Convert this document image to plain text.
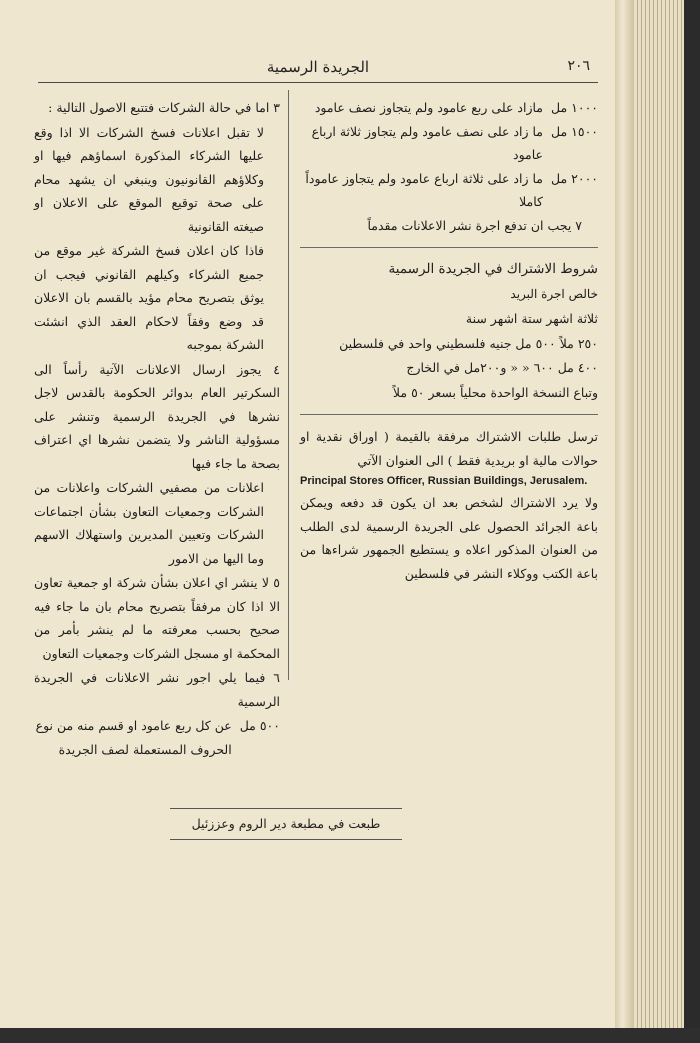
الجريدة الرسمية	٢٠٦
١٠٠٠ مل
مازاد على ربع عامود ولم يتجاوز نصف عامود
١٥٠٠ مل
ما زاد على نصف عامود ولم يتجاوز ثلاثة ارباع عامود
٢٠٠٠ مل
ما زاد على ثلاثة ارباع عامود ولم يتجاوز عاموداً كاملا

٧ يجب ان تدفع اجرة نشر الاعلانات مقدماً

شروط الاشتراك في الجريدة الرسمية

خالص اجرة البريد

ثلاثة اشهر ستة اشهر سنة

٢٥٠ ملاً ٥٠٠ مل جنيه فلسطيني واحد في فلسطين

٤٠٠ مل ٦٠٠ « « و٢٠٠مل في الخارج

وتباع النسخة الواحدة محلياً بسعر ٥٠ ملاً

ترسل طلبات الاشتراك مرفقة بالقيمة ( اوراق نقدية او حوالات مالية او بريدية فقط ) الى العنوان الآتي

Principal Stores Officer, Russian Buildings, Jerusalem.

ولا يرد الاشتراك لشخص بعد ان يكون قد دفعه ويمكن باعة الجرائد الحصول على الجريدة الرسمية لدى الطلب من العنوان المذكور اعلاه و يستطيع الجمهور شراءها من باعة الكتب ووكلاء النشر في فلسطين

٣ اما في حالة الشركات فتتبع الاصول التالية :

لا تقبل اعلانات فسخ الشركات الا اذا وقع عليها الشركاء المذكورة اسماؤهم فيها او وكلاؤهم القانونيون وينبغي ان يشهد محام على صحة توقيع الموقع على الاعلان او صيغته القانونية

فاذا كان اعلان فسخ الشركة غير موقع من جميع الشركاء وكيلهم القانوني فيجب ان يوثق بتصريح محام مؤيد بالقسم بان الاعلان قد وضع وفقاً لاحكام العقد الذي انشئت الشركة بموجبه

٤ يجوز ارسال الاعلانات الآتية رأساً الى السكرتير العام بدوائر الحكومة بالقدس لاجل نشرها في الجريدة الرسمية وتنشر على مسؤولية الناشر ولا يتضمن نشرها اي اعتراف بصحة ما جاء فيها

اعلانات من مصفيي الشركات واعلانات من الشركات وجمعيات التعاون بشأن اجتماعات الشركات وتعيين المديرين واستهلاك الاسهم وما اليها من الامور

٥ لا ينشر اي اعلان بشأن شركة او جمعية تعاون الا اذا كان مرفقاً بتصريح محام بان ما جاء فيه صحيح بحسب معرفته ما لم ينشر بأمر من المحكمة او مسجل الشركات وجمعيات التعاون

٦ فيما يلي اجور نشر الاعلانات في الجريدة الرسمية

٥٠٠ مل
عن كل ربع عامود او قسم منه من نوع الحروف المستعملة لصف الجريدة
طبعت في مطبعة دير الروم وعززئيل
